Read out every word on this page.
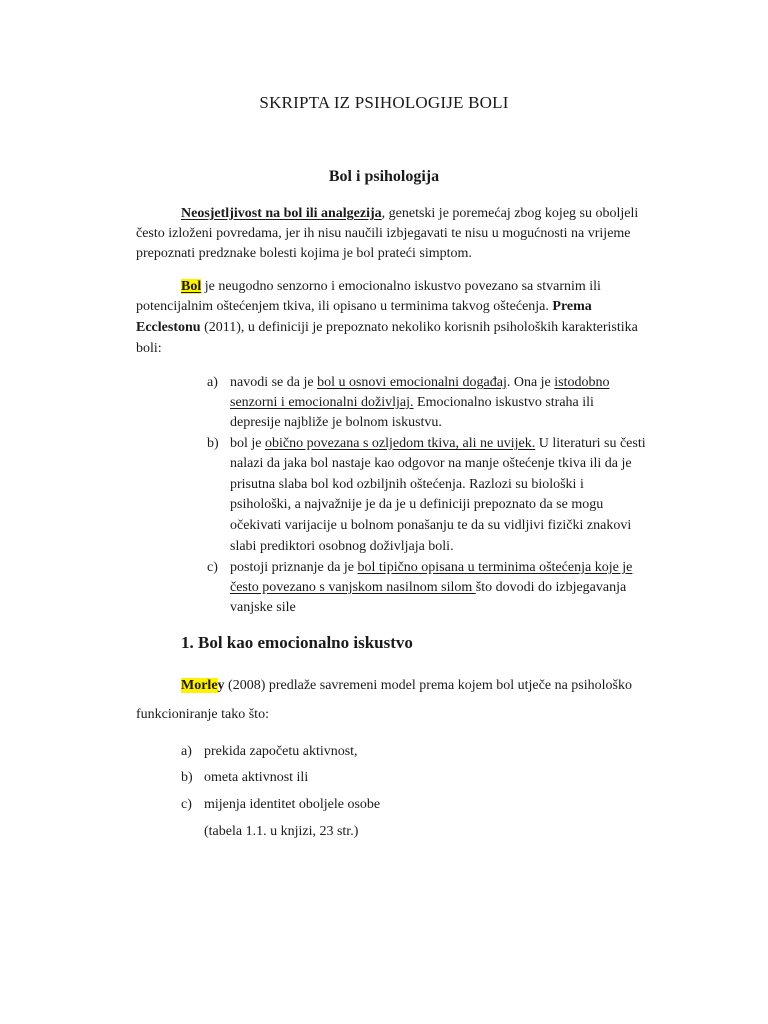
SKRIPTA IZ PSIHOLOGIJE BOLI
Bol i psihologija
Neosjetljivost na bol ili analgezija, genetski je poremećaj zbog kojeg su oboljeli
često izloženi povredama, jer ih nisu naučili izbjegavati te nisu u mogućnosti na vrijeme
prepoznati predznake bolesti kojima je bol prateći simptom.
Bol je neugodno senzorno i emocionalno iskustvo povezano sa stvarnim ili
potencijalnim oštećenjem tkiva, ili opisano u terminima takvog oštećenja. Prema
Ecclestonu (2011), u definiciji je prepoznato nekoliko korisnih psiholoških karakteristika
boli:
a) navodi se da je bol u osnovi emocionalni događaj. Ona je istodobno
senzorni i emocionalni doživljaj. Emocionalno iskustvo straha ili
depresije najbliže je bolnom iskustvu.
b) bol je obično povezana s ozljedom tkiva, ali ne uvijek. U literaturi su česti
nalazi da jaka bol nastaje kao odgovor na manje oštećenje tkiva ili da je
prisutna slaba bol kod ozbiljnih oštećenja. Razlozi su biološki i
psihološki, a najvažnije je da je u definiciji prepoznato da se mogu
očekivati varijacije u bolnom ponašanju te da su vidljivi fizički znakovi
slabi prediktori osobnog doživljaja boli.
c) postoji priznanje da je bol tipično opisana u terminima oštećenja koje je
često povezano s vanjskom nasilnom silom što dovodi do izbjegavanja
vanjske sile
1. Bol kao emocionalno iskustvo
Morley (2008) predlaže savremeni model prema kojem bol utječe na psihološko
funkcioniranje tako što:
a) prekida započetu aktivnost,
b) ometa aktivnost ili
c) mijenja identitet oboljele osobe
(tabela 1.1. u knjizi, 23 str.)
